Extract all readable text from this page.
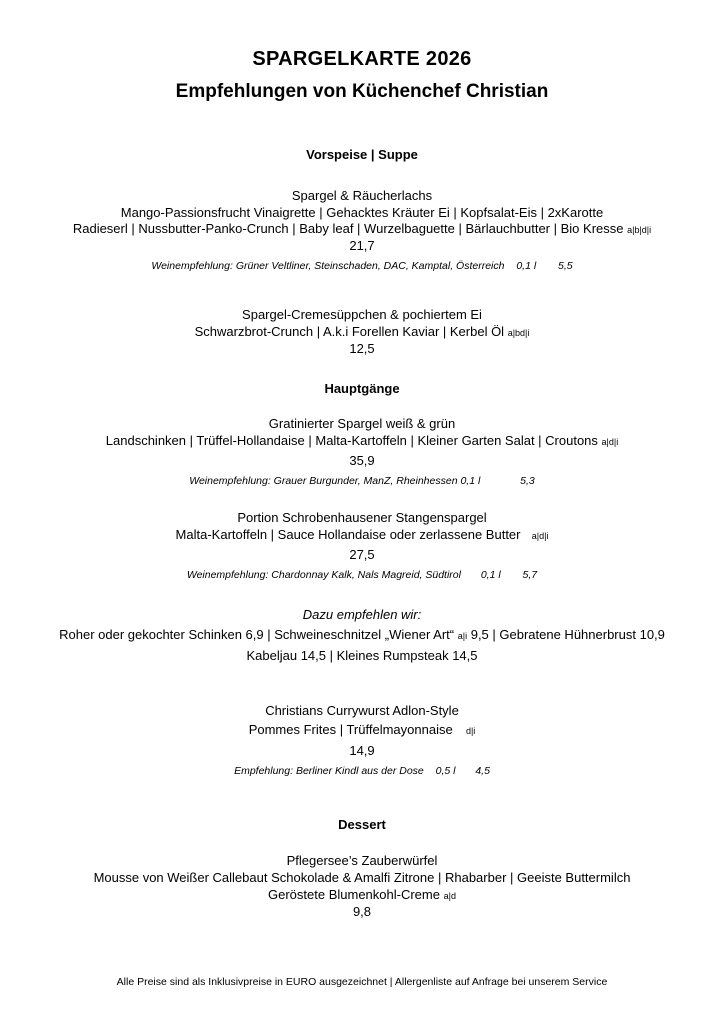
SPARGELKARTE 2026
Empfehlungen von Küchenchef Christian
Vorspeise | Suppe
Spargel & Räucherlachs
Mango-Passionsfrucht Vinaigrette | Gehacktes Kräuter Ei | Kopfsalat-Eis | 2xKarotte
Radieserl | Nussbutter-Panko-Crunch | Baby leaf | Wurzelbaguette | Bärlauchbutter | Bio Kresse a|b|d|i
21,7
Weinempfehlung: Grüner Veltliner, Steinschaden, DAC, Kamptal, Österreich 0,1 l 5,5
Spargel-Cremesüppchen & pochiertem Ei
Schwarzbrot-Crunch | A.k.i Forellen Kaviar | Kerbel Öl a|bd|i
12,5
Hauptgänge
Gratinierter Spargel weiß & grün
Landschinken | Trüffel-Hollandaise | Malta-Kartoffeln | Kleiner Garten Salat | Croutons a|d|i
35,9
Weinempfehlung: Grauer Burgunder, ManZ, Rheinhessen 0,1 l	5,3
Portion Schrobenhausener Stangenspargel
Malta-Kartoffeln | Sauce Hollandaise oder zerlassene Butter a|d|i
27,5
Weinempfehlung: Chardonnay Kalk, Nals Magreid, Südtirol 0,1 l 5,7
Dazu empfehlen wir:
Roher oder gekochter Schinken 6,9 | Schweineschnitzel „Wiener Art“ a|i 9,5 | Gebratene Hühnerbrust 10,9
Kabeljau 14,5 | Kleines Rumpsteak 14,5
Christians Currywurst Adlon-Style
Pommes Frites | Trüffelmayonnaise d|i
14,9
Empfehlung: Berliner Kindl aus der Dose 0,5 l 4,5
Dessert
Pflegersee’s Zauberwürfel
Mousse von Weißer Callebaut Schokolade & Amalfi Zitrone | Rhabarber | Geeiste Buttermilch
Geröstete Blumenkohl-Creme a|d
9,8
Alle Preise sind als Inklusivpreise in EURO ausgezeichnet | Allergenliste auf Anfrage bei unserem Service
